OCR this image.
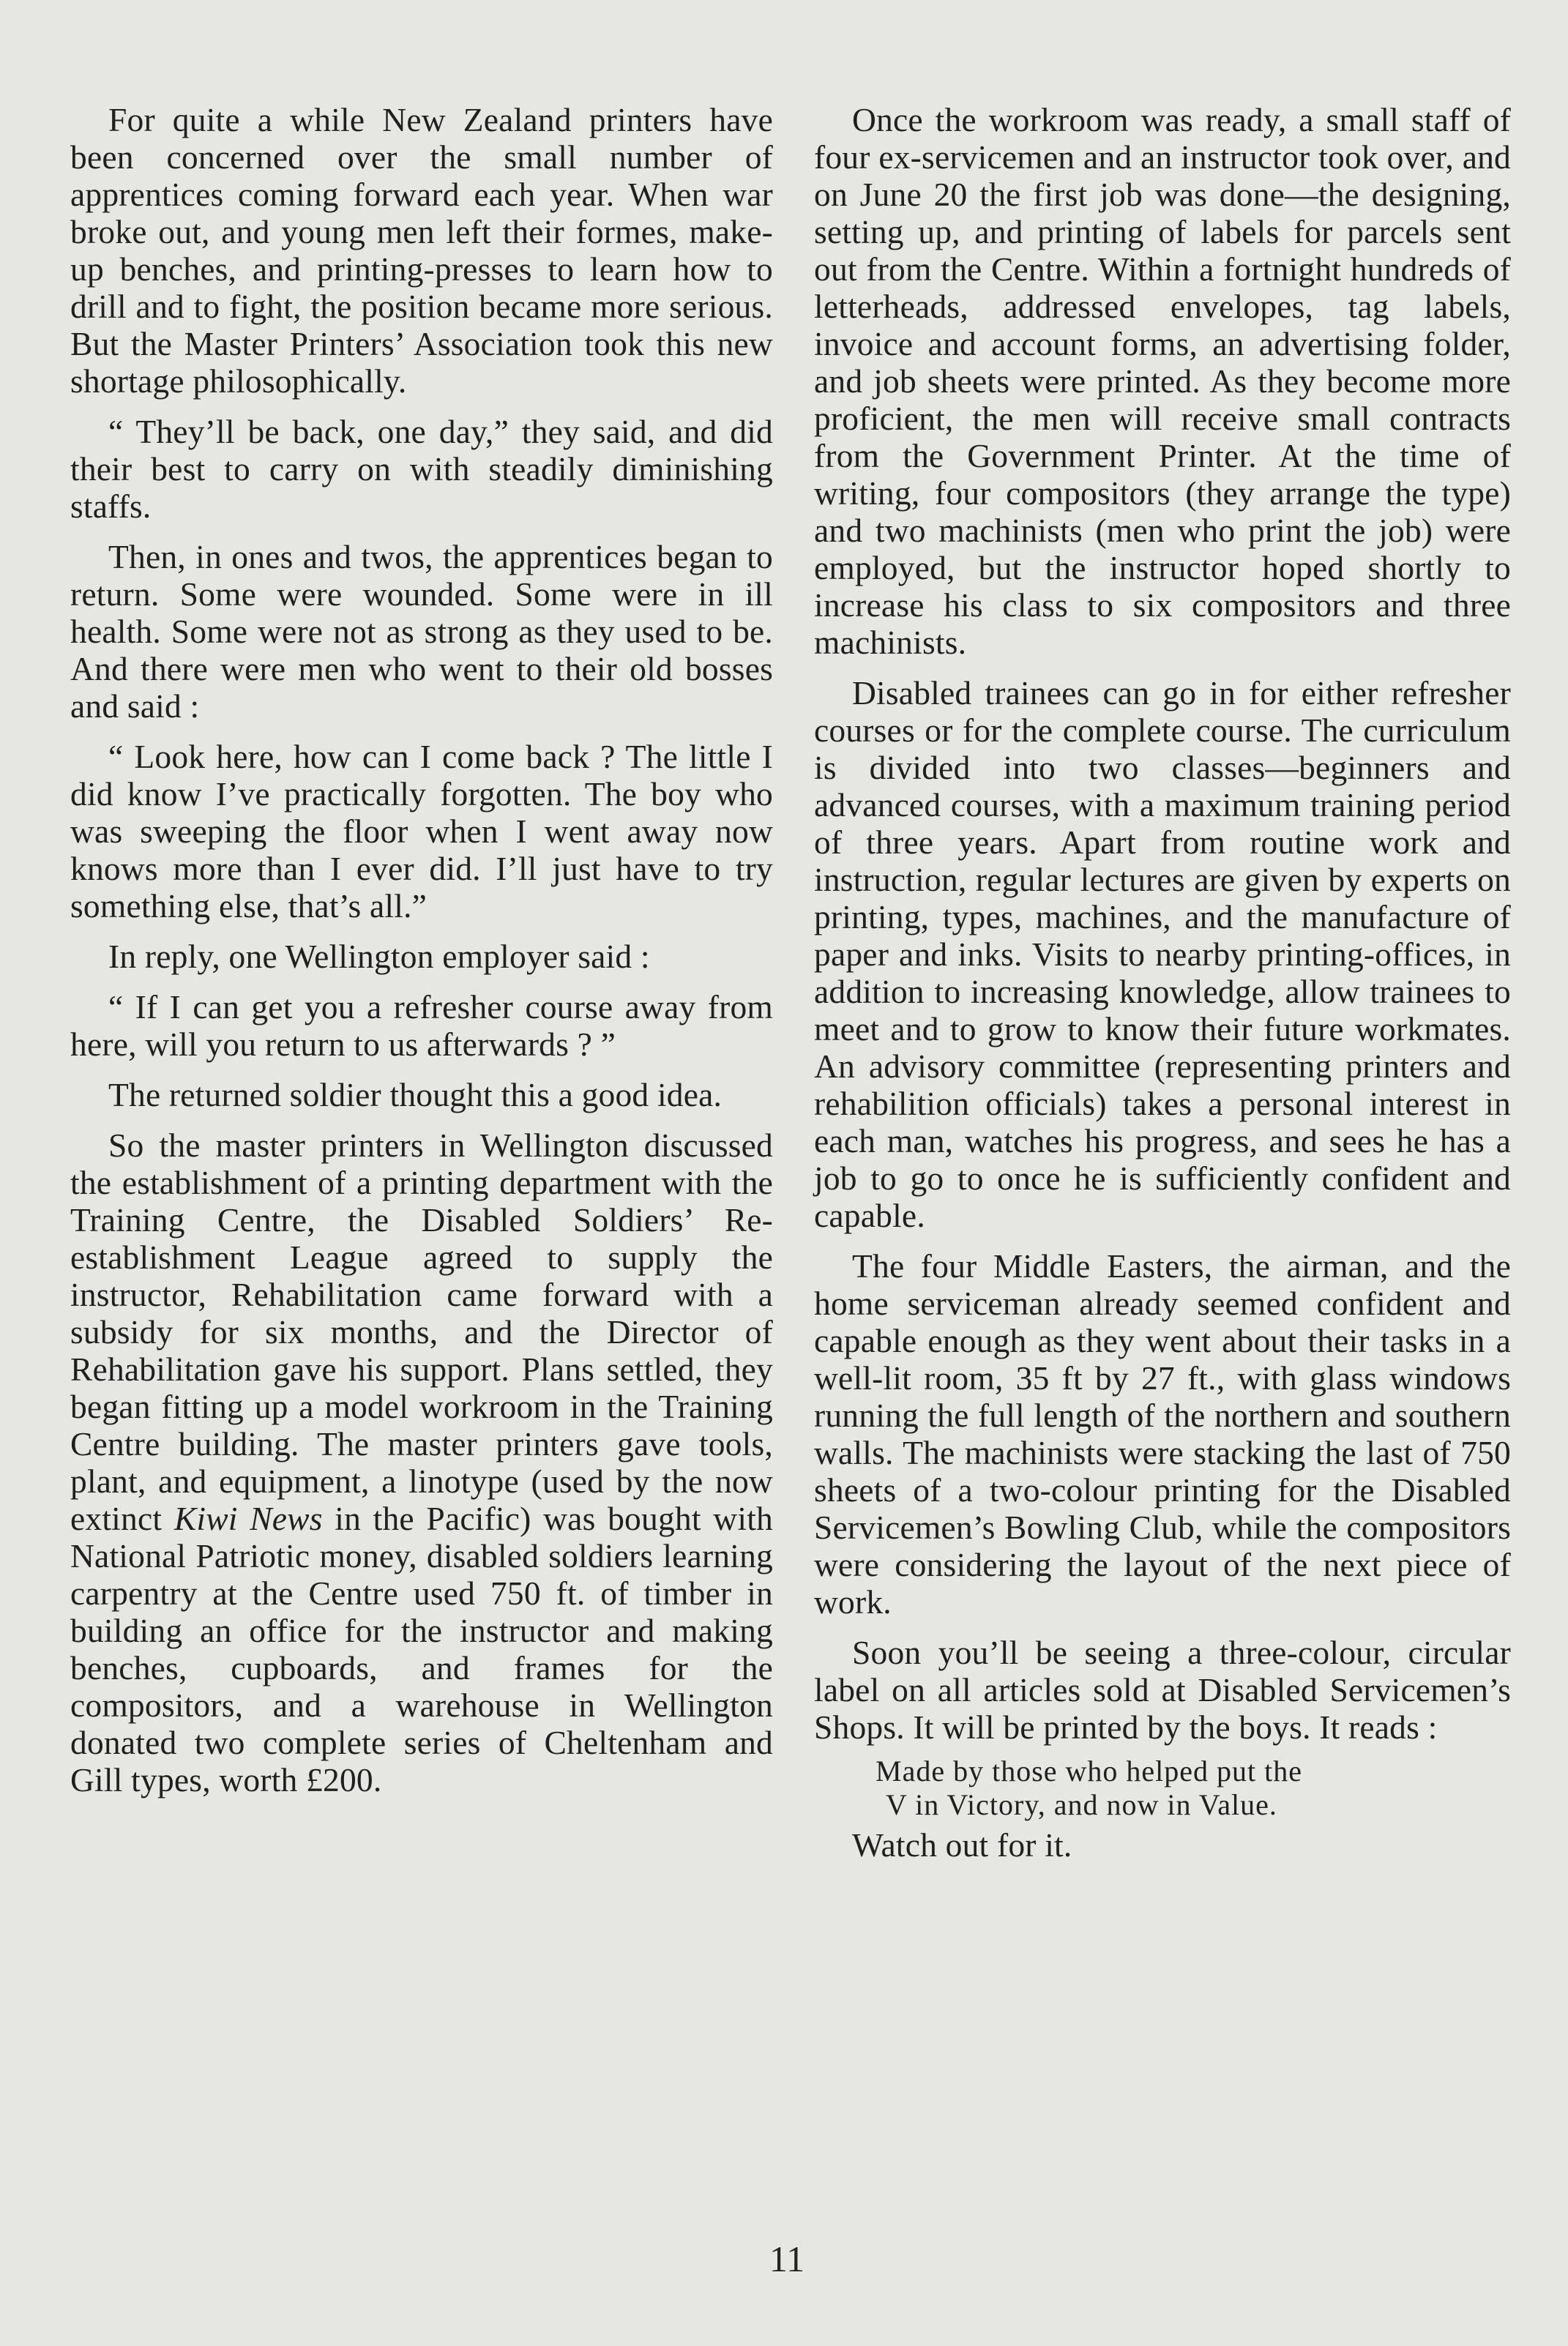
For quite a while New Zealand printers have been concerned over the small number of apprentices coming forward each year. When war broke out, and young men left their formes, make-up benches, and printing-presses to learn how to drill and to fight, the position became more serious. But the Master Printers’ Association took this new shortage philosophically.

“ They’ll be back, one day,” they said, and did their best to carry on with steadily diminishing staffs.

Then, in ones and twos, the apprentices began to return. Some were wounded. Some were in ill health. Some were not as strong as they used to be. And there were men who went to their old bosses and said :

“ Look here, how can I come back ? The little I did know I’ve practically forgotten. The boy who was sweeping the floor when I went away now knows more than I ever did. I’ll just have to try something else, that’s all.”

In reply, one Wellington employer said :

“ If I can get you a refresher course away from here, will you return to us afterwards ? ”

The returned soldier thought this a good idea.

So the master printers in Wellington discussed the establishment of a printing department with the Training Centre, the Disabled Soldiers’ Re-establishment League agreed to supply the instructor, Rehabilitation came forward with a subsidy for six months, and the Director of Rehabilitation gave his support. Plans settled, they began fitting up a model workroom in the Training Centre building. The master printers gave tools, plant, and equipment, a linotype (used by the now extinct Kiwi News in the Pacific) was bought with National Patriotic money, disabled soldiers learning carpentry at the Centre used 750 ft. of timber in building an office for the instructor and making benches, cupboards, and frames for the compositors, and a warehouse in Wellington donated two complete series of Cheltenham and Gill types, worth £200.

Once the workroom was ready, a small staff of four ex-servicemen and an instructor took over, and on June 20 the first job was done—the designing, setting up, and printing of labels for parcels sent out from the Centre. Within a fortnight hundreds of letterheads, addressed envelopes, tag labels, invoice and account forms, an advertising folder, and job sheets were printed. As they become more proficient, the men will receive small contracts from the Government Printer. At the time of writing, four compositors (they arrange the type) and two machinists (men who print the job) were employed, but the instructor hoped shortly to increase his class to six compositors and three machinists.

Disabled trainees can go in for either refresher courses or for the complete course. The curriculum is divided into two classes—beginners and advanced courses, with a maximum training period of three years. Apart from routine work and instruction, regular lectures are given by experts on printing, types, machines, and the manufacture of paper and inks. Visits to nearby printing-offices, in addition to increasing knowledge, allow trainees to meet and to grow to know their future workmates. An advisory committee (representing printers and rehabilition officials) takes a personal interest in each man, watches his progress, and sees he has a job to go to once he is sufficiently confident and capable.

The four Middle Easters, the airman, and the home serviceman already seemed confident and capable enough as they went about their tasks in a well-lit room, 35 ft by 27 ft., with glass windows running the full length of the northern and southern walls. The machinists were stacking the last of 750 sheets of a two-colour printing for the Disabled Servicemen’s Bowling Club, while the compositors were considering the layout of the next piece of work.

Soon you’ll be seeing a three-colour, circular label on all articles sold at Disabled Servicemen’s Shops. It will be printed by the boys. It reads :

Made by those who helped put the
V in Victory, and now in Value.

Watch out for it.

11
